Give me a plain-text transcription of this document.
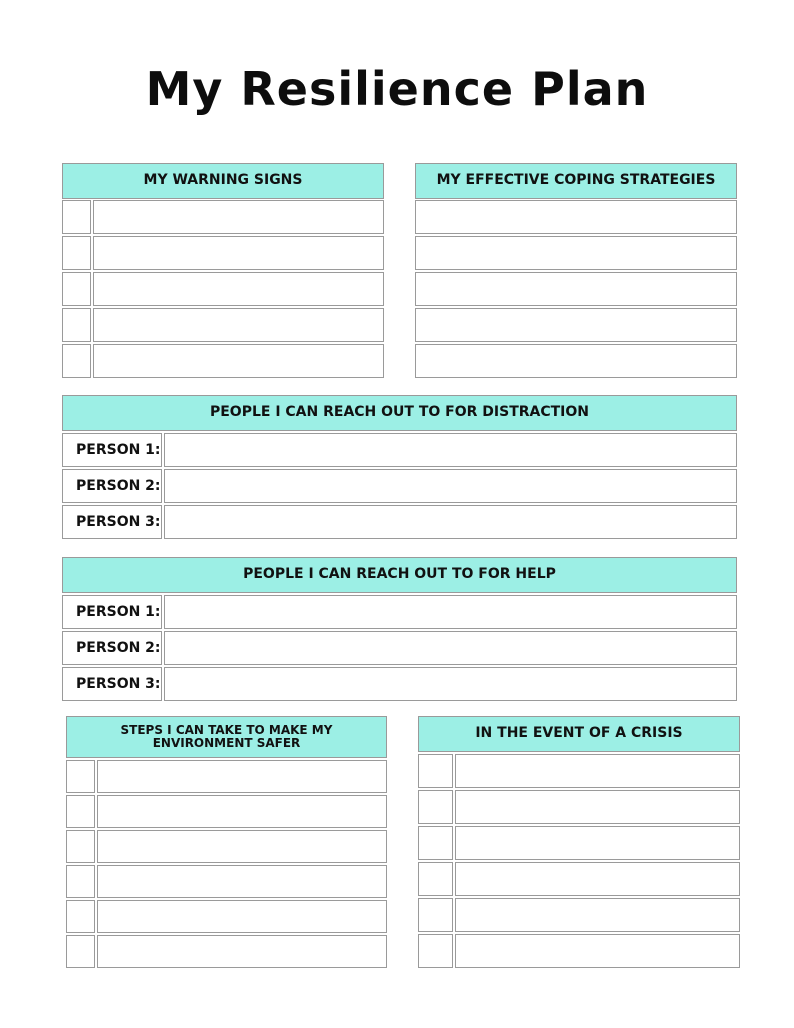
My Resilience Plan
MY WARNING SIGNS	MY EFFECTIVE COPING STRATEGIES
PEOPLE I CAN REACH OUT TO FOR DISTRACTION
PERSON 1:
PERSON 2:
PERSON 3:
PEOPLE I CAN REACH OUT TO FOR HELP
PERSON 1:
PERSON 2:
PERSON 3:
STEPS I CAN TAKE TO MAKE MY
ENVIRONMENT SAFER
IN THE EVENT OF A CRISIS
